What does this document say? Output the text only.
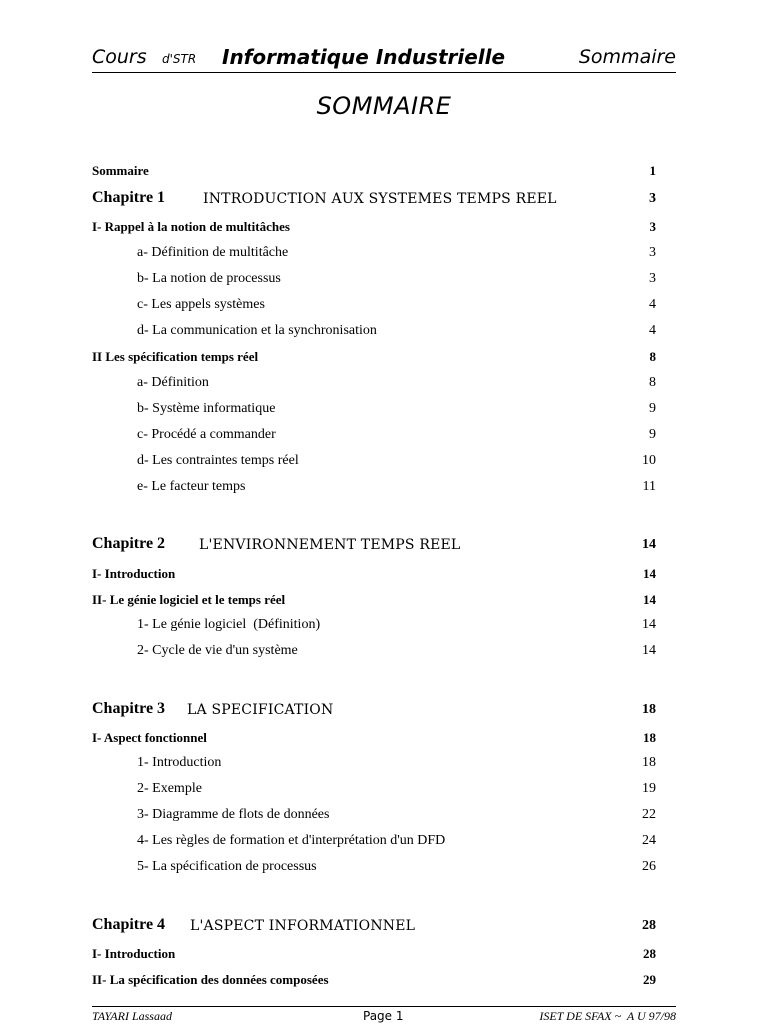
Cours d'STR Informatique Industrielle	Sommaire
SOMMAIRE
Sommaire	1
Chapitre 1	INTRODUCTION AUX SYSTEMES TEMPS REEL	3
I- Rappel à la notion de multitâches	3
a- Définition de multitâche	3
b- La notion de processus	3
c- Les appels systèmes	4
d- La communication et la synchronisation	4
II Les spécification temps réel	8
a- Définition	8
b- Système informatique	9
c- Procédé a commander	9
d- Les contraintes temps réel	10
e- Le facteur temps	11
Chapitre 2 L'ENVIRONNEMENT TEMPS REEL	14
I- Introduction	14
II- Le génie logiciel et le temps réel	14
1- Le génie logiciel  (Définition)	14
2- Cycle de vie d'un système	14
Chapitre 3 LA SPECIFICATION	18
I- Aspect fonctionnel	18
1- Introduction	18
2- Exemple	19
3- Diagramme de flots de données	22
4- Les règles de formation et d'interprétation d'un DFD	24
5- La spécification de processus	26
Chapitre 4 L'ASPECT INFORMATIONNEL	28
I- Introduction	28
II- La spécification des données composées	29
TAYARI Lassaad	Page 1	ISET DE SFAX ~  A U 97/98
